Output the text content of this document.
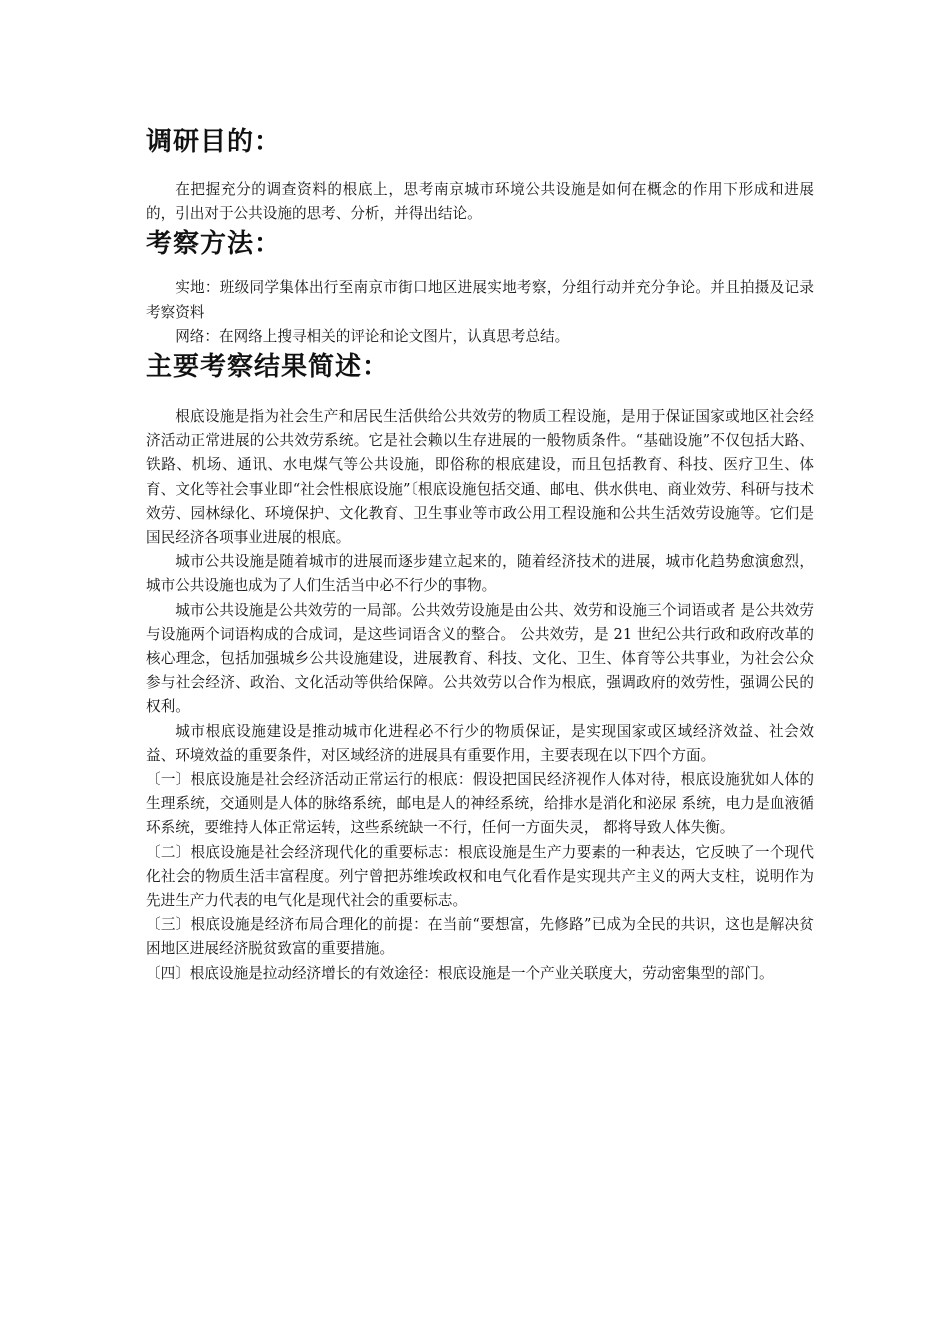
调研目的：

在把握充分的调查资料的根底上，思考南京城市环境公共设施是如何在概念的作用下形成和进展的，引出对于公共设施的思考、分析，并得出结论。

考察方法：

实地：班级同学集体出行至南京市街口地区进展实地考察，分组行动并充分争论。并且拍摄及记录考察资料

网络：在网络上搜寻相关的评论和论文图片，认真思考总结。

主要考察结果简述：

根底设施是指为社会生产和居民生活供给公共效劳的物质工程设施，是用于保证国家或地区社会经济活动正常进展的公共效劳系统。它是社会赖以生存进展的一般物质条件。“基础设施”不仅包括大路、铁路、机场、通讯、水电煤气等公共设施，即俗称的根底建设，而且包括教育、科技、医疗卫生、体育、文化等社会事业即“社会性根底设施”〔根底设施包括交通、邮电、供水供电、商业效劳、科研与技术效劳、园林绿化、环境保护、文化教育、卫生事业等市政公用工程设施和公共生活效劳设施等。它们是国民经济各项事业进展的根底。

城市公共设施是随着城市的进展而逐步建立起来的，随着经济技术的进展，城市化趋势愈演愈烈，城市公共设施也成为了人们生活当中必不行少的事物。

城市公共设施是公共效劳的一局部。公共效劳设施是由公共、效劳和设施三个词语或者 是公共效劳与设施两个词语构成的合成词，是这些词语含义的整合。 公共效劳，是 21 世纪公共行政和政府改革的核心理念，包括加强城乡公共设施建设，进展教育、科技、文化、卫生、体育等公共事业，为社会公众参与社会经济、政治、文化活动等供给保障。公共效劳以合作为根底，强调政府的效劳性，强调公民的权利。

城市根底设施建设是推动城市化进程必不行少的物质保证，是实现国家或区域经济效益、社会效益、环境效益的重要条件，对区域经济的进展具有重要作用，主要表现在以下四个方面。

〔一〕根底设施是社会经济活动正常运行的根底：假设把国民经济视作人体对待，根底设施犹如人体的生理系统，交通则是人体的脉络系统，邮电是人的神经系统，给排水是消化和泌尿 系统，电力是血液循环系统，要维持人体正常运转，这些系统缺一不行，任何一方面失灵， 都将导致人体失衡。

〔二〕根底设施是社会经济现代化的重要标志：根底设施是生产力要素的一种表达，它反映了一个现代化社会的物质生活丰富程度。列宁曾把苏维埃政权和电气化看作是实现共产主义的两大支柱，说明作为先进生产力代表的电气化是现代社会的重要标志。

〔三〕根底设施是经济布局合理化的前提：在当前“要想富，先修路”已成为全民的共识，这也是解决贫困地区进展经济脱贫致富的重要措施。

〔四〕根底设施是拉动经济增长的有效途径：根底设施是一个产业关联度大，劳动密集型的部门。
